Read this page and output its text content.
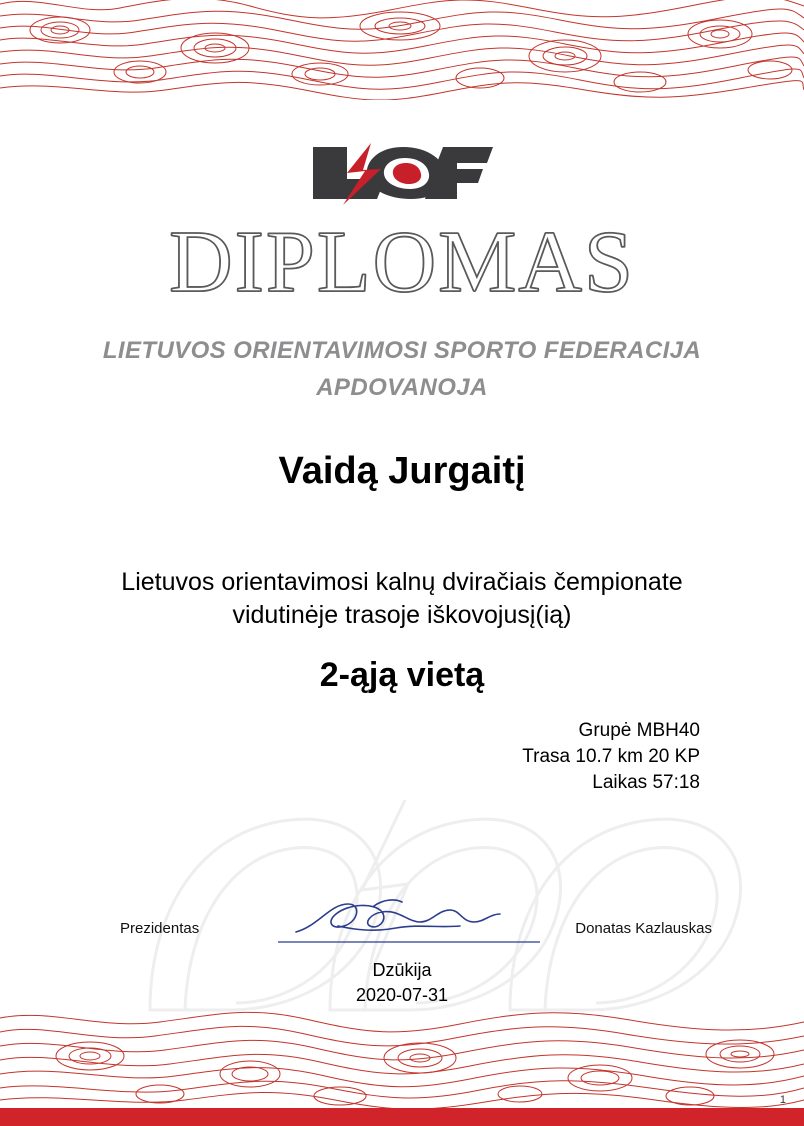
DIPLOMAS
LIETUVOS ORIENTAVIMOSI SPORTO FEDERACIJA
APDOVANOJA
Vaidą Jurgaitį
Lietuvos orientavimosi kalnų dviračiais čempionate
vidutinėje trasoje iškovojusį(ią)
2-ąją vietą
Grupė MBH40
Trasa 10.7 km 20 KP
Laikas 57:18
Prezidentas	Donatas Kazlauskas
Dzūkija
2020-07-31
1
